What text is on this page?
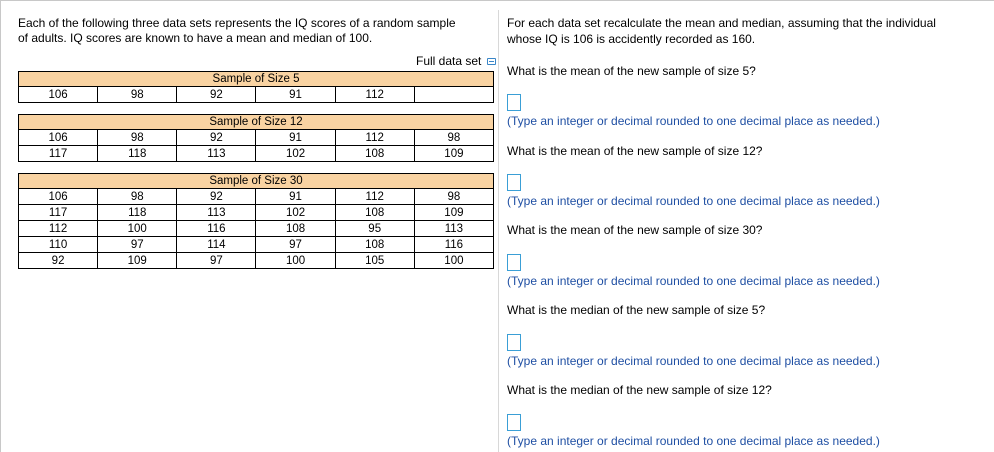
Each of the following three data sets represents the IQ scores of a random sample
of adults. IQ scores are known to have a mean and median of 100.

Full data set
Sample of Size 5
106	98	92	91	112	
Sample of Size 12					
106	98	92	91	112	98
117	118	113	102	108	109
Sample of Size 30					
106	98	92	91	112	98
117	118	113	102	108	109
112	100	116	108	95	113
110	97	114	97	108	116
92	109	97	100	105	100
For each data set recalculate the mean and median, assuming that the individual
whose IQ is 106 is accidently recorded as 160.
What is the mean of the new sample of size 5?
(Type an integer or decimal rounded to one decimal place as needed.)
What is the mean of the new sample of size 12?
(Type an integer or decimal rounded to one decimal place as needed.)
What is the mean of the new sample of size 30?
(Type an integer or decimal rounded to one decimal place as needed.)
What is the median of the new sample of size 5?
(Type an integer or decimal rounded to one decimal place as needed.)
What is the median of the new sample of size 12?
(Type an integer or decimal rounded to one decimal place as needed.)
